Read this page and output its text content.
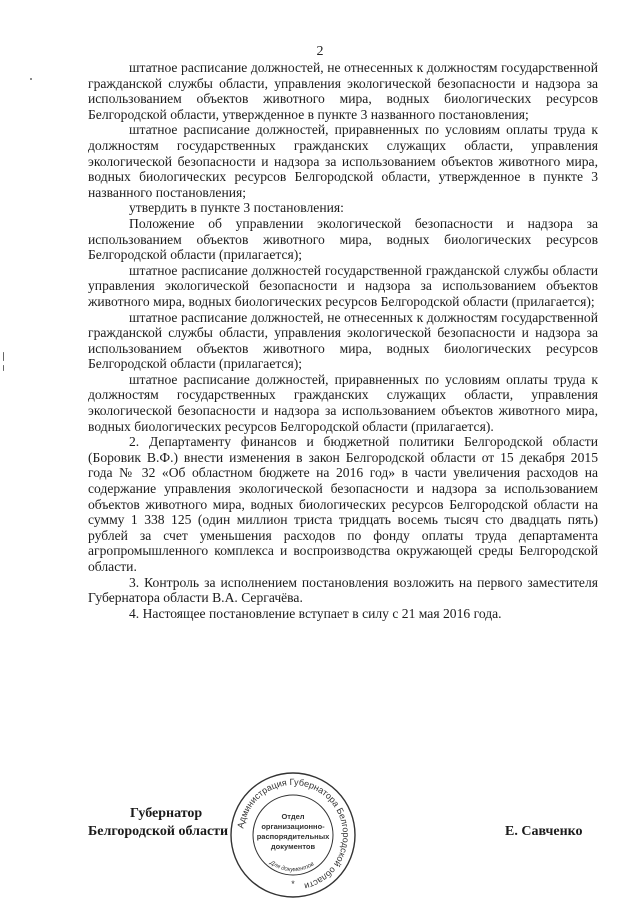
2

штатное расписание должностей, не отнесенных к должностям государственной гражданской службы области, управления экологической безопасности и надзора за использованием объектов животного мира, водных биологических ресурсов Белгородской области, утвержденное в пункте 3 названного постановления;

штатное расписание должностей, приравненных по условиям оплаты труда к должностям государственных гражданских служащих области, управления экологической безопасности и надзора за использованием объектов животного мира, водных биологических ресурсов Белгородской области, утвержденное в пункте 3 названного постановления;

утвердить в пункте 3 постановления:

Положение об управлении экологической безопасности и надзора за использованием объектов животного мира, водных биологических ресурсов Белгородской области (прилагается);

штатное расписание должностей государственной гражданской службы области управления экологической безопасности и надзора за использованием объектов животного мира, водных биологических ресурсов Белгородской области (прилагается);

штатное расписание должностей, не отнесенных к должностям государственной гражданской службы области, управления экологической безопасности и надзора за использованием объектов животного мира, водных биологических ресурсов Белгородской области (прилагается);

штатное расписание должностей, приравненных по условиям оплаты труда к должностям государственных гражданских служащих области, управления экологической безопасности и надзора за использованием объектов животного мира, водных биологических ресурсов Белгородской области (прилагается).

2. Департаменту финансов и бюджетной политики Белгородской области (Боровик В.Ф.) внести изменения в закон Белгородской области от 15 декабря 2015 года № 32 «Об областном бюджете на 2016 год» в части увеличения расходов на содержание управления экологической безопасности и надзора за использованием объектов животного мира, водных биологических ресурсов Белгородской области на сумму 1 338 125 (один миллион триста тридцать восемь тысяч сто двадцать пять) рублей за счет уменьшения расходов по фонду оплаты труда департамента агропромышленного комплекса и воспроизводства окружающей среды Белгородской области.

3. Контроль за исполнением постановления возложить на первого заместителя Губернатора области В.А. Сергачёва.

4. Настоящее постановление вступает в силу с 21 мая 2016 года.

Губернатор
Белгородской области	Е. Савченко
Администрация Губернатора Белгородской области
Отдел
организационно-
распорядительных
документов
Для документов
*
